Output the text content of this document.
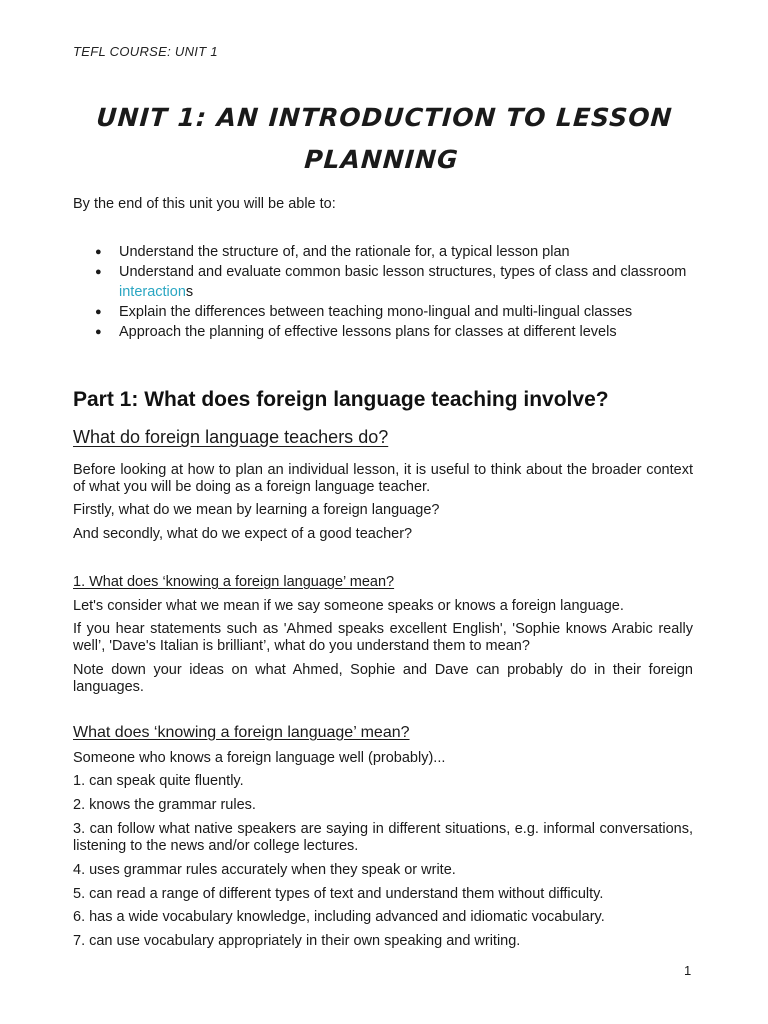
TEFL COURSE: UNIT 1
UNIT 1: AN INTRODUCTION TO LESSON
PLANNING
By the end of this unit you will be able to:
● Understand the structure of, and the rationale for, a typical lesson plan
● Understand and evaluate common basic lesson structures, types of class and classroom interactions
● Explain the differences between teaching mono-lingual and multi-lingual classes
● Approach the planning of effective lessons plans for classes at different levels
Part 1: What does foreign language teaching involve?
What do foreign language teachers do?
Before looking at how to plan an individual lesson, it is useful to think about the broader context of what you will be doing as a foreign language teacher.
Firstly, what do we mean by learning a foreign language?
And secondly, what do we expect of a good teacher?
1. What does ‘knowing a foreign language’ mean?
Let's consider what we mean if we say someone speaks or knows a foreign language.
If you hear statements such as 'Ahmed speaks excellent English', 'Sophie knows Arabic really well’, 'Dave's Italian is brilliant’, what do you understand them to mean?
Note down your ideas on what Ahmed, Sophie and Dave can probably do in their foreign languages.
What does ‘knowing a foreign language’ mean?
Someone who knows a foreign language well (probably)...
1. can speak quite fluently.
2. knows the grammar rules.
3. can follow what native speakers are saying in different situations, e.g. informal conversations, listening to the news and/or college lectures.
4. uses grammar rules accurately when they speak or write.
5. can read a range of different types of text and understand them without difficulty.
6. has a wide vocabulary knowledge, including advanced and idiomatic vocabulary.
7. can use vocabulary appropriately in their own speaking and writing.
1
